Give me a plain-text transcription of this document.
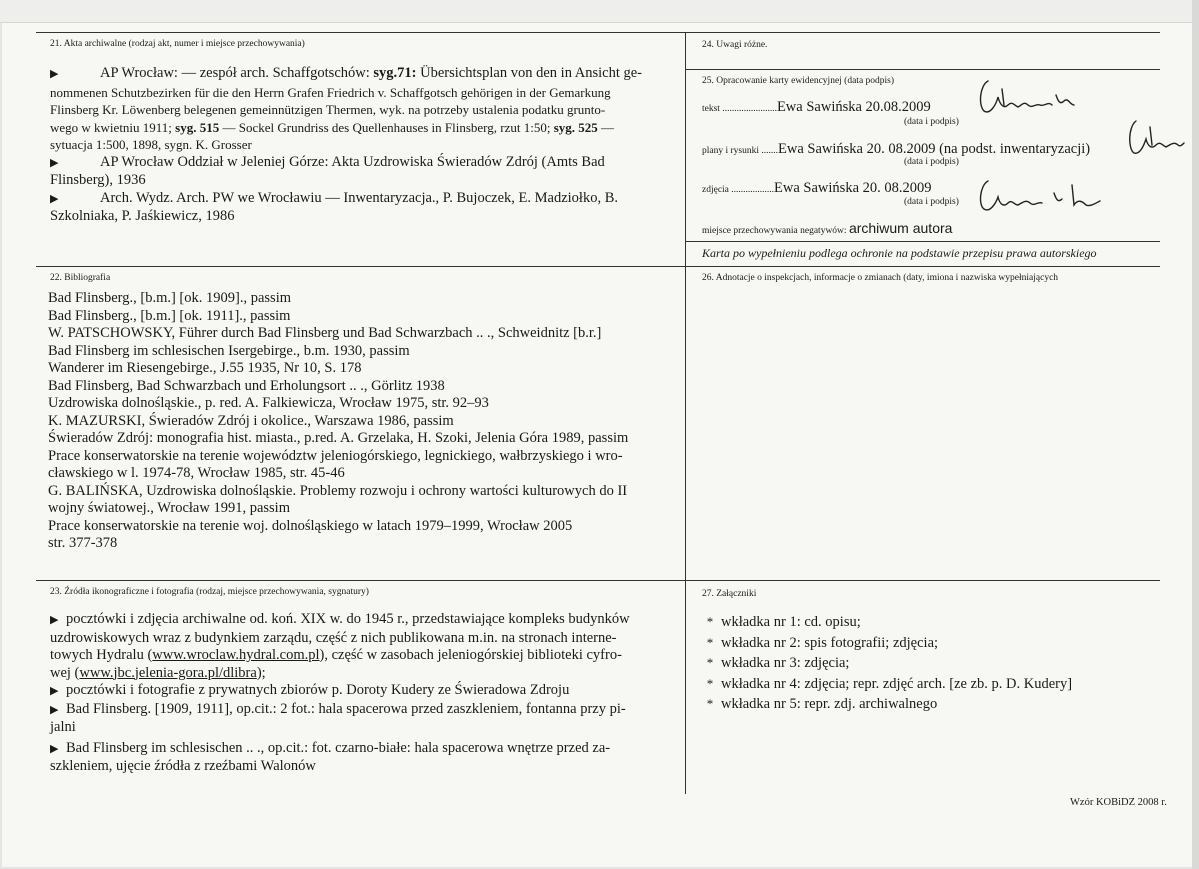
21. Akta archiwalne (rodzaj akt, numer i miejsce przechowywania)
▶	AP Wrocław: — zespół arch. Schaffgotschów: syg.71: Übersichtsplan von den in Ansicht ge-
nommenen Schutzbezirken für die den Herrn Grafen Friedrich v. Schaffgotsch gehörigen in der Gemarkung
Flinsberg Kr. Löwenberg belegenen gemeinnützigen Thermen, wyk. na potrzeby ustalenia podatku grunto-
wego w kwietniu 1911; syg. 515 — Sockel Grundriss des Quellenhauses in Flinsberg, rzut 1:50; syg. 525 —
sytuacja 1:500, 1898, sygn. K. Grosser
▶	AP Wrocław Oddział w Jeleniej Górze: Akta Uzdrowiska Świeradów Zdrój (Amts Bad
Flinsberg), 1936
▶	Arch. Wydz. Arch. PW we Wrocławiu — Inwentaryzacja., P. Bujoczek, E. Madziołko, B.
Szkolniaka, P. Jaśkiewicz, 1986
22. Bibliografia
Bad Flinsberg., [b.m.] [ok. 1909]., passim
Bad Flinsberg., [b.m.] [ok. 1911]., passim
W. PATSCHOWSKY, Führer durch Bad Flinsberg und Bad Schwarzbach .. ., Schweidnitz [b.r.]
Bad Flinsberg im schlesischen Isergebirge., b.m. 1930, passim
Wanderer im Riesengebirge., J.55 1935, Nr 10, S. 178
Bad Flinsberg, Bad Schwarzbach und Erholungsort .. ., Görlitz 1938
Uzdrowiska dolnośląskie., p. red. A. Falkiewicza, Wrocław 1975, str. 92–93
K. MAZURSKI, Świeradów Zdrój i okolice., Warszawa 1986, passim
Świeradów Zdrój: monografia hist. miasta., p.red. A. Grzelaka, H. Szoki, Jelenia Góra 1989, passim
Prace konserwatorskie na terenie województw jeleniogórskiego, legnickiego, wałbrzyskiego i wro-
cławskiego w l. 1974-78, Wrocław 1985, str. 45-46
G. BALIŃSKA, Uzdrowiska dolnośląskie. Problemy rozwoju i ochrony wartości kulturowych do II
wojny światowej., Wrocław 1991, passim
Prace konserwatorskie na terenie woj. dolnośląskiego w latach 1979–1999, Wrocław 2005
str. 377-378
23. Źródła ikonograficzne i fotografia (rodzaj, miejsce przechowywania, sygnatury)
▶ pocztówki i zdjęcia archiwalne od. koń. XIX w. do 1945 r., przedstawiające kompleks budynków
uzdrowiskowych wraz z budynkiem zarządu, część z nich publikowana m.in. na stronach interne-
towych Hydralu (www.wroclaw.hydral.com.pl), część w zasobach jeleniogórskiej biblioteki cyfro-
wej (www.jbc.jelenia-gora.pl/dlibra);
▶ pocztówki i fotografie z prywatnych zbiorów p. Doroty Kudery ze Świeradowa Zdroju
▶ Bad Flinsberg. [1909, 1911], op.cit.: 2 fot.: hala spacerowa przed zaszkleniem, fontanna przy pi-
jalni
▶ Bad Flinsberg im schlesischen .. ., op.cit.: fot. czarno-białe: hala spacerowa wnętrze przed za-
szkleniem, ujęcie źródła z rzeźbami Walonów
24. Uwagi różne.
25. Opracowanie karty ewidencyjnej (data podpis)
tekst .......................Ewa Sawińska 20.08.2009
(data i podpis)
plany i rysunki .......Ewa Sawińska 20. 08.2009 (na podst. inwentaryzacji)
(data i podpis)
zdjęcia ..................Ewa Sawińska 20. 08.2009
(data i podpis)
miejsce przechowywania negatywów: archiwum autora
Karta po wypełnieniu podlega ochronie na podstawie przepisu prawa autorskiego
26. Adnotacje o inspekcjach, informacje o zmianach (daty, imiona i nazwiska wypełniających
27. Załączniki
* wkładka nr 1: cd. opisu;
* wkładka nr 2: spis fotografii; zdjęcia;
* wkładka nr 3: zdjęcia;
* wkładka nr 4: zdjęcia; repr. zdjęć arch. [ze zb. p. D. Kudery]
* wkładka nr 5: repr. zdj. archiwalnego
Wzór KOBiDZ 2008 r.
